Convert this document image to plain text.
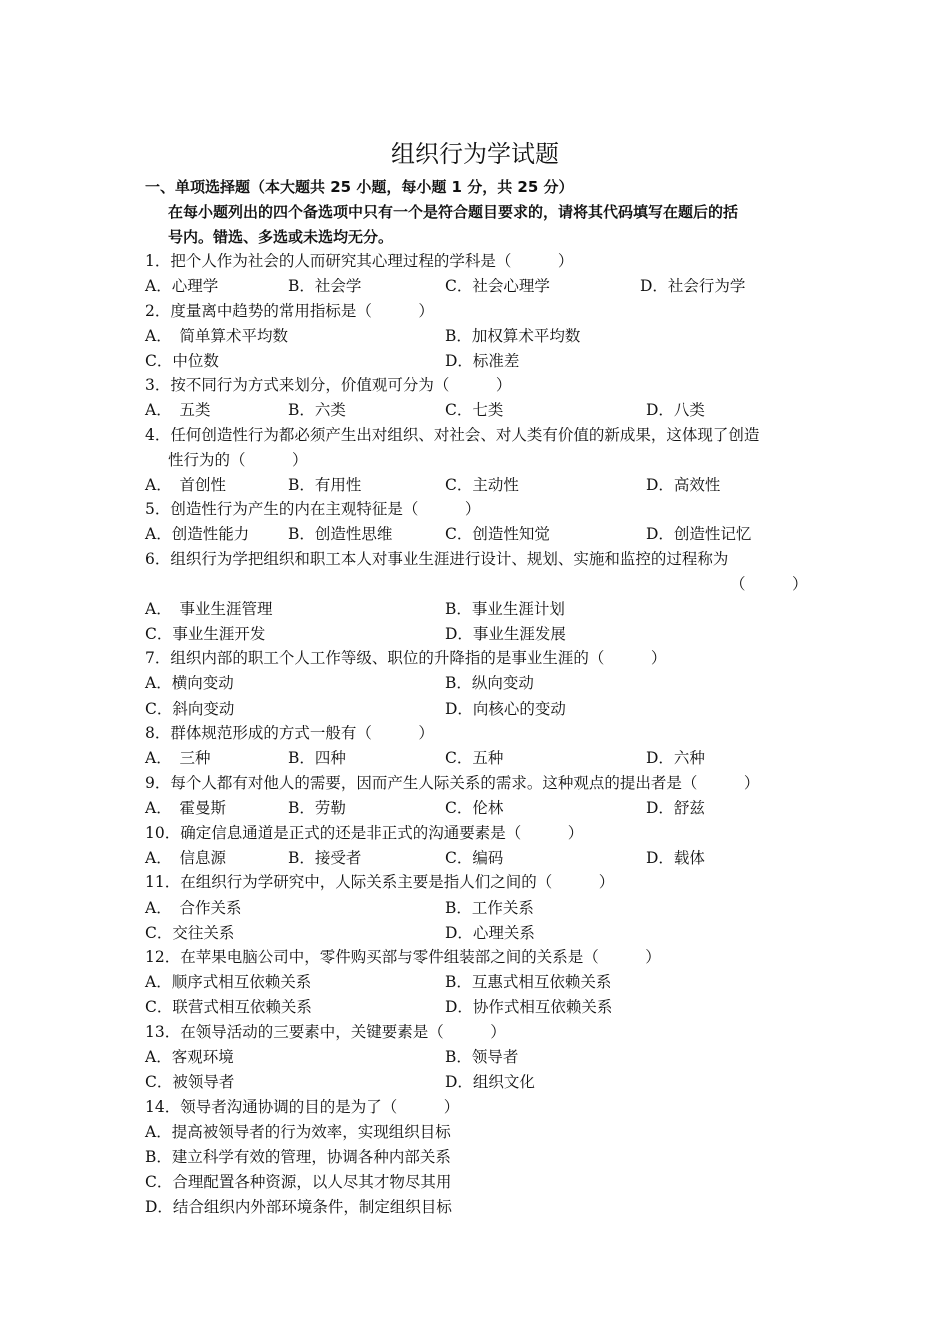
组织行为学试题
一、单项选择题（本大题共 25 小题，每小题 1 分，共 25 分）
在每小题列出的四个备选项中只有一个是符合题目要求的，请将其代码填写在题后的括
号内。错选、多选或未选均无分。
1．把个人作为社会的人而研究其心理过程的学科是（　　　）
A．心理学	B．社会学	C．社会心理学	D．社会行为学
2．度量离中趋势的常用指标是（　　　）
A．　简单算术平均数	B．加权算术平均数
C．中位数	D．标准差
3．按不同行为方式来划分，价值观可分为（　　　）
A．　五类	B．六类	C．七类	D．八类
4．任何创造性行为都必须产生出对组织、对社会、对人类有价值的新成果，这体现了创造
性行为的（　　　）
A．　首创性	B．有用性	C．主动性	D．高效性
5．创造性行为产生的内在主观特征是（　　　）
A．创造性能力	B．创造性思维	C．创造性知觉	D．创造性记忆
6．组织行为学把组织和职工本人对事业生涯进行设计、规划、实施和监控的过程称为
（　　　）
A．　事业生涯管理	B．事业生涯计划
C．事业生涯开发	D．事业生涯发展
7．组织内部的职工个人工作等级、职位的升降指的是事业生涯的（　　　）
A．横向变动	B．纵向变动
C．斜向变动	D．向核心的变动
8．群体规范形成的方式一般有（　　　）
A．　三种	B．四种	C．五种	D．六种
9．每个人都有对他人的需要，因而产生人际关系的需求。这种观点的提出者是（　　　）
A．　霍曼斯	B．劳勒	C．伦林	D．舒兹
10．确定信息通道是正式的还是非正式的沟通要素是（　　　）
A．　信息源	B．接受者	C．编码	D．载体
11．在组织行为学研究中，人际关系主要是指人们之间的（　　　）
A．　合作关系	B．工作关系
C．交往关系	D．心理关系
12．在苹果电脑公司中，零件购买部与零件组装部之间的关系是（　　　）
A．顺序式相互依赖关系	B．互惠式相互依赖关系
C．联营式相互依赖关系	D．协作式相互依赖关系
13．在领导活动的三要素中，关键要素是（　　　）
A．客观环境	B．领导者
C．被领导者	D．组织文化
14．领导者沟通协调的目的是为了（　　　）
A．提高被领导者的行为效率，实现组织目标
B．建立科学有效的管理，协调各种内部关系
C．合理配置各种资源，以人尽其才物尽其用
D．结合组织内外部环境条件，制定组织目标
